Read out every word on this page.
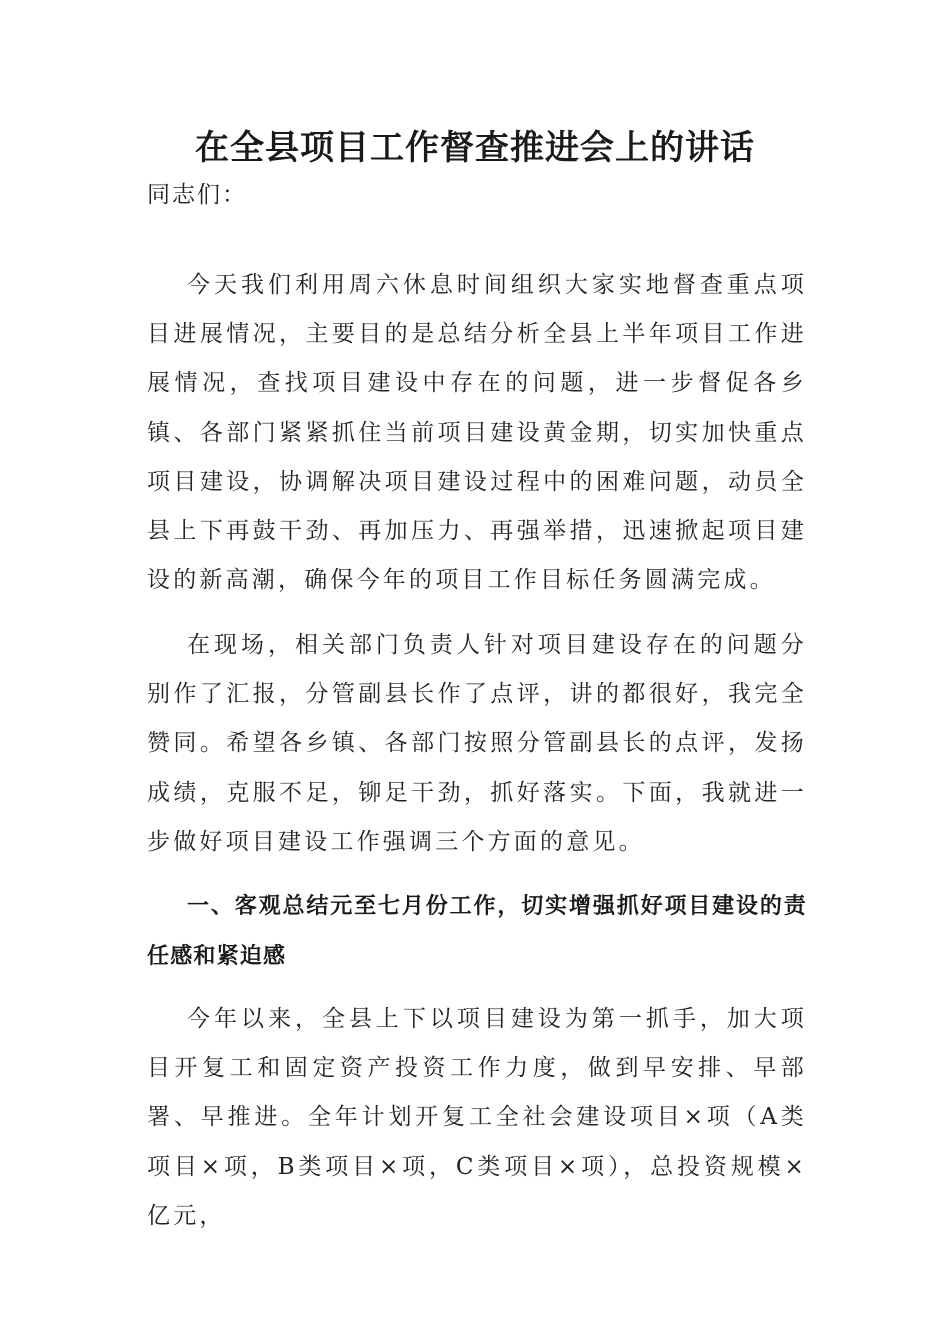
在全县项目工作督查推进会上的讲话
同志们：
今天我们利用周六休息时间组织大家实地督查重点项目进展情况，主要目的是总结分析全县上半年项目工作进展情况，查找项目建设中存在的问题，进一步督促各乡镇、各部门紧紧抓住当前项目建设黄金期，切实加快重点项目建设，协调解决项目建设过程中的困难问题，动员全县上下再鼓干劲、再加压力、再强举措，迅速掀起项目建设的新高潮，确保今年的项目工作目标任务圆满完成。
在现场，相关部门负责人针对项目建设存在的问题分别作了汇报，分管副县长作了点评，讲的都很好，我完全赞同。希望各乡镇、各部门按照分管副县长的点评，发扬成绩，克服不足，铆足干劲，抓好落实。下面，我就进一步做好项目建设工作强调三个方面的意见。
一、客观总结元至七月份工作，切实增强抓好项目建设的责任感和紧迫感
今年以来，全县上下以项目建设为第一抓手，加大项目开复工和固定资产投资工作力度，做到早安排、早部署、早推进。全年计划开复工全社会建设项目×项（A类项目×项，B类项目×项，C类项目×项），总投资规模×亿元，
